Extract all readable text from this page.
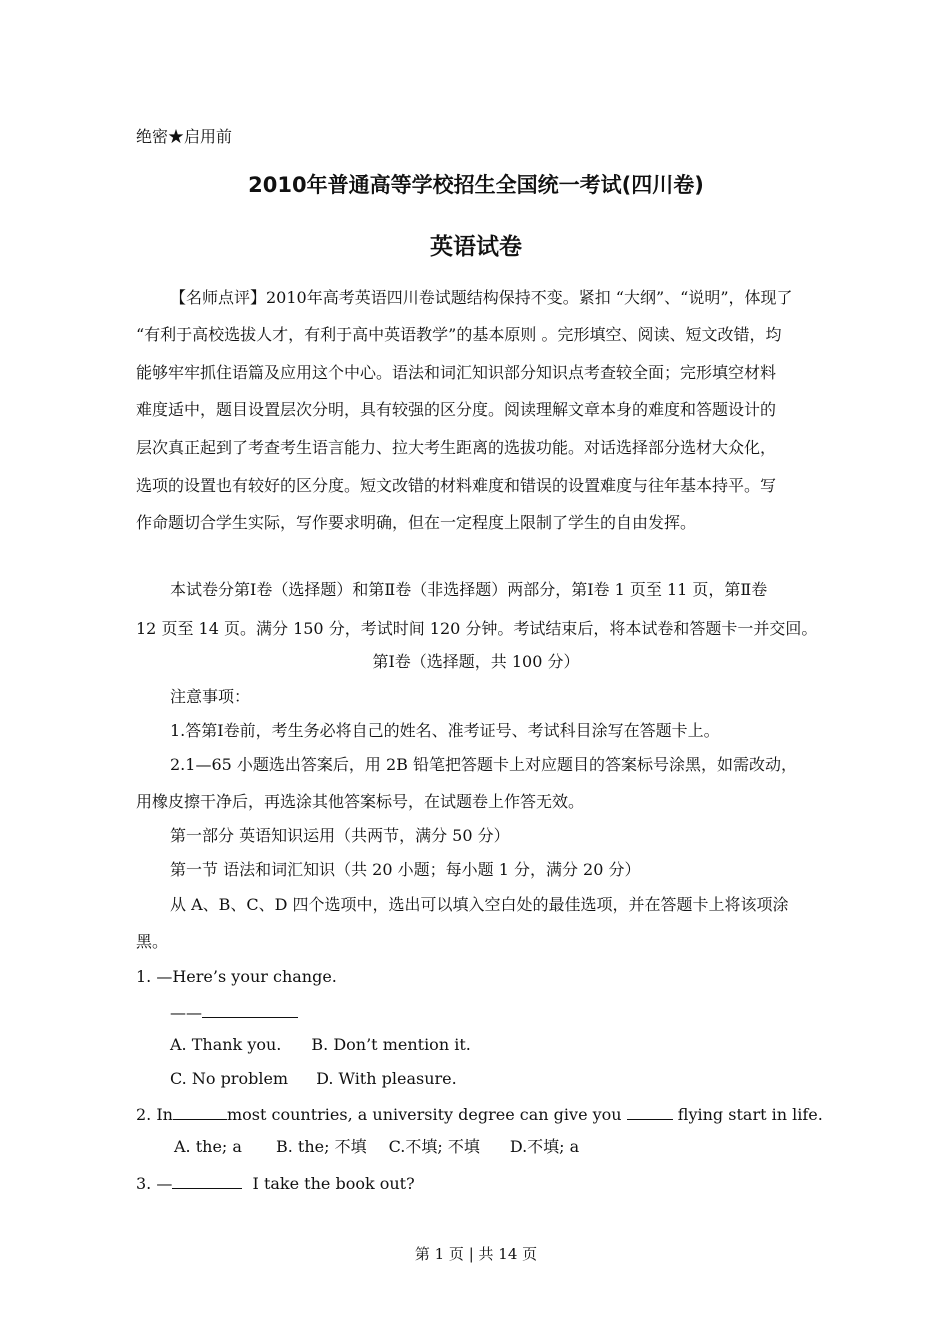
绝密★启用前
2010年普通高等学校招生全国统一考试(四川卷)
英语试卷
【名师点评】2010年高考英语四川卷试题结构保持不变。紧扣 “大纲”、“说明”，体现了
“有利于高校选拔人才，有利于高中英语教学”的基本原则 。完形填空、阅读、短文改错，均
能够牢牢抓住语篇及应用这个中心。语法和词汇知识部分知识点考查较全面；完形填空材料
难度适中，题目设置层次分明，具有较强的区分度。阅读理解文章本身的难度和答题设计的
层次真正起到了考查考生语言能力、拉大考生距离的选拔功能。对话选择部分选材大众化，
选项的设置也有较好的区分度。短文改错的材料难度和错误的设置难度与往年基本持平。写
作命题切合学生实际，写作要求明确，但在一定程度上限制了学生的自由发挥。
本试卷分第Ⅰ卷（选择题）和第Ⅱ卷（非选择题）两部分，第Ⅰ卷 1 页至 11 页，第Ⅱ卷
12 页至 14 页。满分 150 分，考试时间 120 分钟。考试结束后，将本试卷和答题卡一并交回。
第Ⅰ卷（选择题，共 100 分）
注意事项：
1.答第Ⅰ卷前，考生务必将自己的姓名、准考证号、考试科目涂写在答题卡上。
2.1—65 小题选出答案后，用 2B 铅笔把答题卡上对应题目的答案标号涂黑，如需改动，
用橡皮擦干净后，再选涂其他答案标号，在试题卷上作答无效。
第一部分 英语知识运用（共两节，满分 50 分）
第一节 语法和词汇知识（共 20 小题；每小题 1 分，满分 20 分）
从 A、B、C、D 四个选项中，选出可以填入空白处的最佳选项，并在答题卡上将该项涂
黑。
1. —Here’s your change.
——
A. Thank you. B. Don’t mention it.
C. No problem D. With pleasure.
2. In	most countries, a university degree can give you	flying start in life.
A. the; a B. the; 不填 C.不填; 不填 D.不填; a
3. —	I take the book out?
第 1 页 | 共 14 页
